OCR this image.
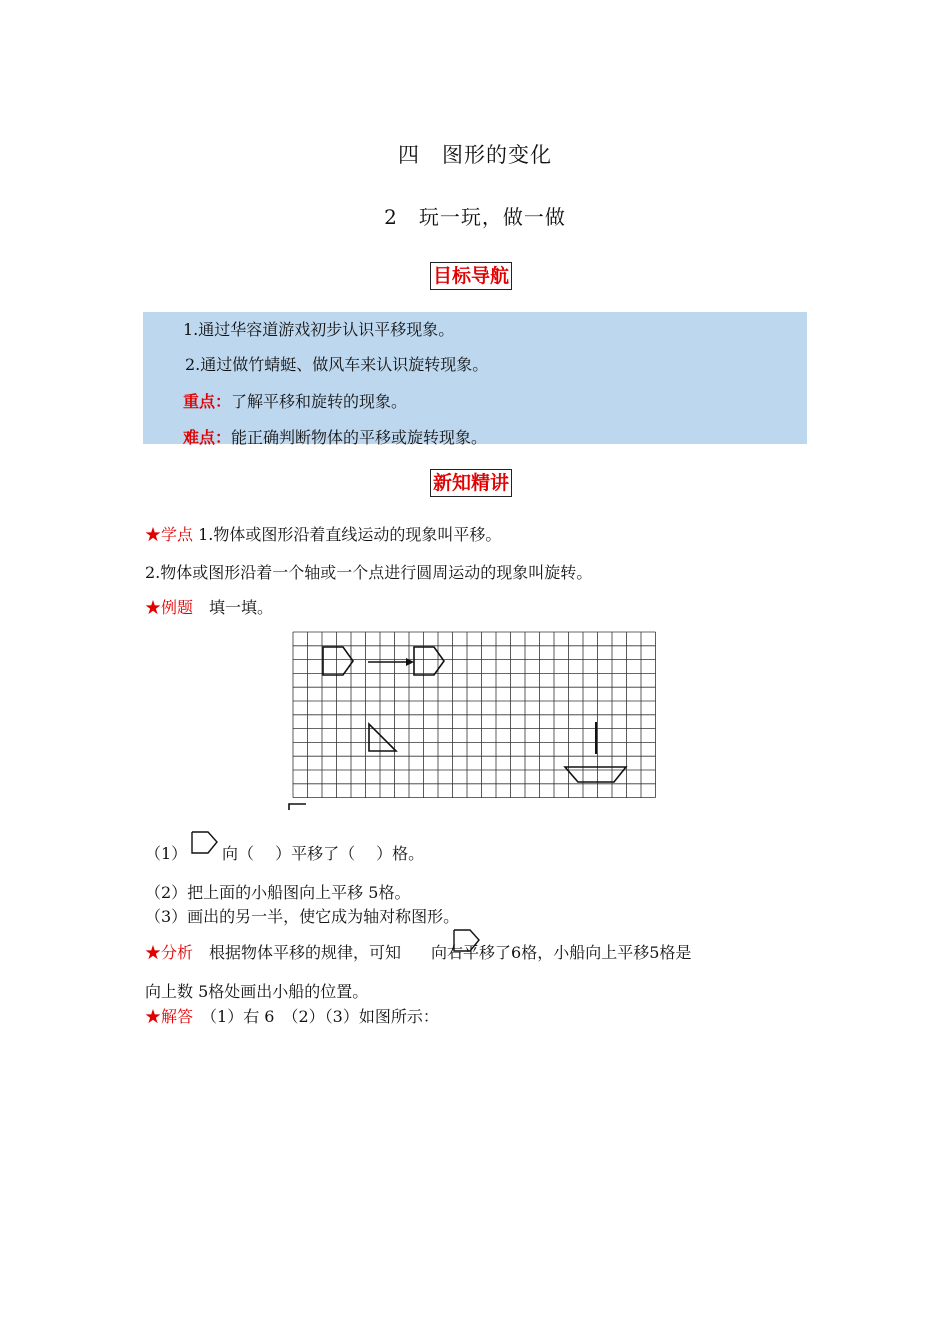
四　图形的变化
2　玩一玩，做一做
目标导航
1.通过华容道游戏初步认识平移现象。
2.通过做竹蜻蜓、做风车来认识旋转现象。
重点：了解平移和旋转的现象。
难点：能正确判断物体的平移或旋转现象。
新知精讲
★学点 1.物体或图形沿着直线运动的现象叫平移。
2.物体或图形沿着一个轴或一个点进行圆周运动的现象叫旋转。
★例题　填一填。
（1） 向（　 ）平移了（　 ）格。
（2）把上面的小船图向上平移 5格。
（3）画出的另一半，使它成为轴对称图形。
★分析　根据物体平移的规律，可知 向右平移了6格，小船向上平移5格是
向上数 5格处画出小船的位置。
★解答　（1）右 6　（2）（3）如图所示：
